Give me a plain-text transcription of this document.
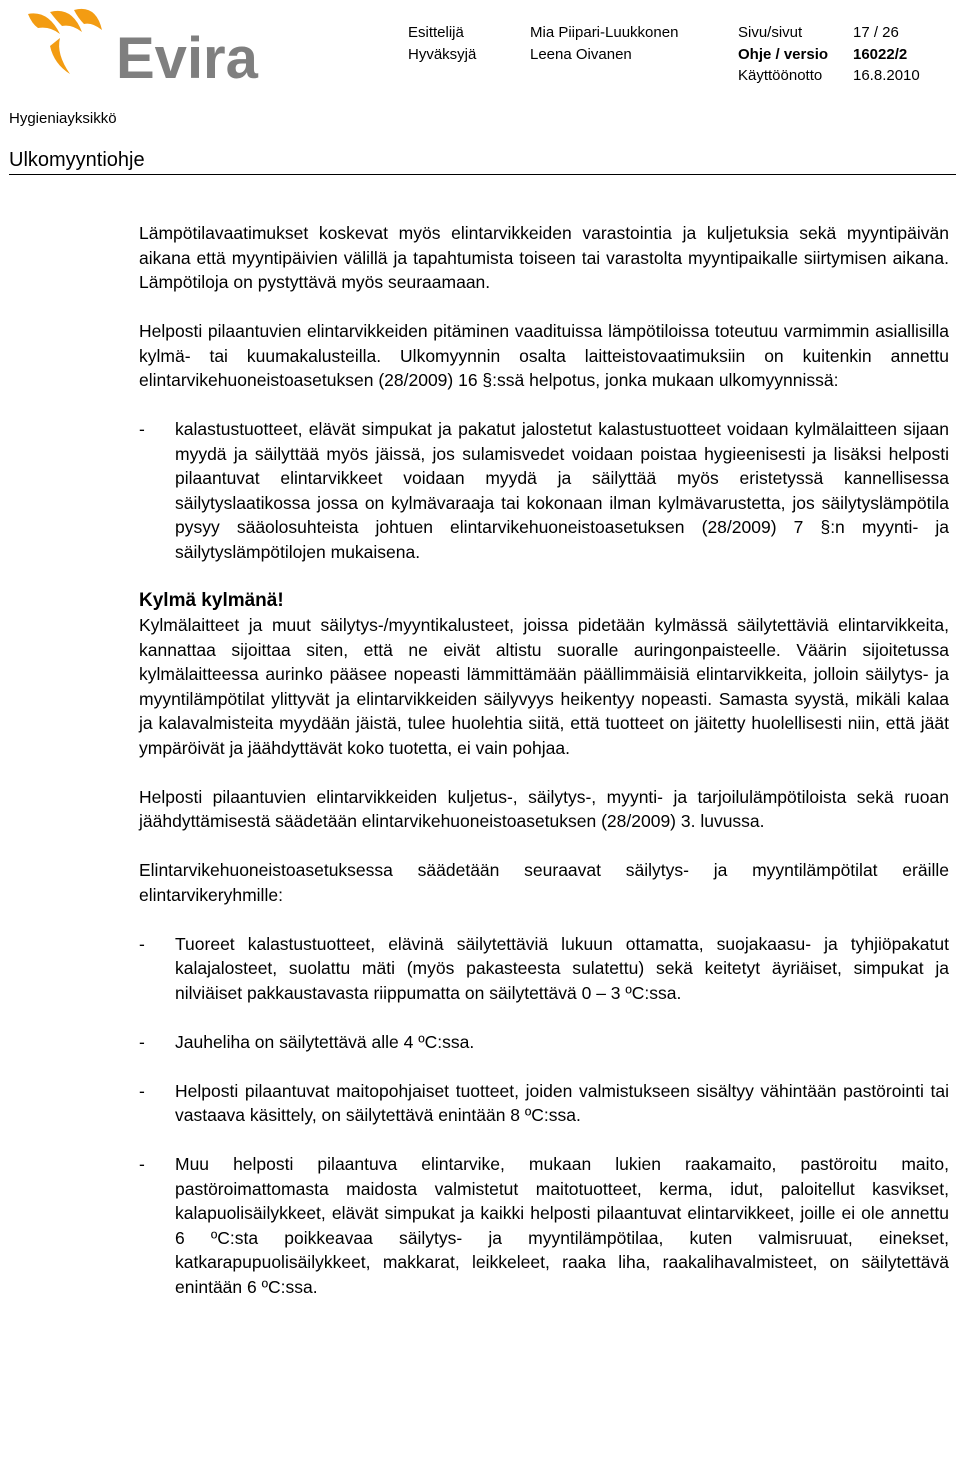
Evira	Esittelijä	Mia Piipari-Luukkonen	Sivu/sivut	17 / 26
Hyväksyjä	Leena Oivanen	Ohje / versio 16022/2
Käyttöönotto 16.8.2010
Hygieniayksikkö
Ulkomyyntiohje

Lämpötilavaatimukset koskevat myös elintarvikkeiden varastointia ja kuljetuksia sekä myyntipäivän aikana että myyntipäivien välillä ja tapahtumista toiseen tai varastolta myyntipaikalle siirtymisen aikana. Lämpötiloja on pystyttävä myös seuraamaan.

Helposti pilaantuvien elintarvikkeiden pitäminen vaadituissa lämpötiloissa toteutuu varmimmin asiallisilla kylmä- tai kuumakalusteilla. Ulkomyynnin osalta laitteistovaatimuksiin on kuitenkin annettu elintarvikehuoneistoasetuksen (28/2009) 16 §:ssä helpotus, jonka mukaan ulkomyynnissä:

- kalastustuotteet, elävät simpukat ja pakatut jalostetut kalastustuotteet voidaan kylmälaitteen sijaan myydä ja säilyttää myös jäissä, jos sulamisvedet voidaan poistaa hygieenisesti ja lisäksi helposti pilaantuvat elintarvikkeet voidaan myydä ja säilyttää myös eristetyssä kannellisessa säilytyslaatikossa jossa on kylmävaraaja tai kokonaan ilman kylmävarustetta, jos säilytyslämpötila pysyy sääolosuhteista johtuen elintarvikehuoneistoasetuksen (28/2009) 7 §:n myynti- ja säilytyslämpötilojen mukaisena.

Kylmä kylmänä!

Kylmälaitteet ja muut säilytys-/myyntikalusteet, joissa pidetään kylmässä säilytettäviä elintarvikkeita, kannattaa sijoittaa siten, että ne eivät altistu suoralle auringonpaisteelle. Väärin sijoitetussa kylmälaitteessa aurinko pääsee nopeasti lämmittämään päällimmäisiä elintarvikkeita, jolloin säilytys- ja myyntilämpötilat ylittyvät ja elintarvikkeiden säilyvyys heikentyy nopeasti. Samasta syystä, mikäli kalaa ja kalavalmisteita myydään jäistä, tulee huolehtia siitä, että tuotteet on jäitetty huolellisesti niin, että jäät ympäröivät ja jäähdyttävät koko tuotetta, ei vain pohjaa.

Helposti pilaantuvien elintarvikkeiden kuljetus-, säilytys-, myynti- ja tarjoilulämpötiloista sekä ruoan jäähdyttämisestä säädetään elintarvikehuoneistoasetuksen (28/2009) 3. luvussa.

Elintarvikehuoneistoasetuksessa säädetään seuraavat säilytys- ja myyntilämpötilat eräille elintarvikeryhmille:

- Tuoreet kalastustuotteet, elävinä säilytettäviä lukuun ottamatta, suojakaasu- ja tyhjiöpakatut kalajalosteet, suolattu mäti (myös pakasteesta sulatettu) sekä keitetyt äyriäiset, simpukat ja nilviäiset pakkaustavasta riippumatta on säilytettävä 0 – 3 ºC:ssa.
- Jauheliha on säilytettävä alle 4 ºC:ssa.
- Helposti pilaantuvat maitopohjaiset tuotteet, joiden valmistukseen sisältyy vähintään pastörointi tai vastaava käsittely, on säilytettävä enintään 8 ºC:ssa.
- Muu helposti pilaantuva elintarvike, mukaan lukien raakamaito, pastöroitu maito, pastöroimattomasta maidosta valmistetut maitotuotteet, kerma, idut, paloitellut kasvikset, kalapuolisäilykkeet, elävät simpukat ja kaikki helposti pilaantuvat elintarvikkeet, joille ei ole annettu 6 ºC:sta poikkeavaa säilytys- ja myyntilämpötilaa, kuten valmisruuat, einekset, katkarapupuolisäilykkeet, makkarat, leikkeleet, raaka liha, raakalihavalmisteet, on säilytettävä enintään 6 ºC:ssa.
